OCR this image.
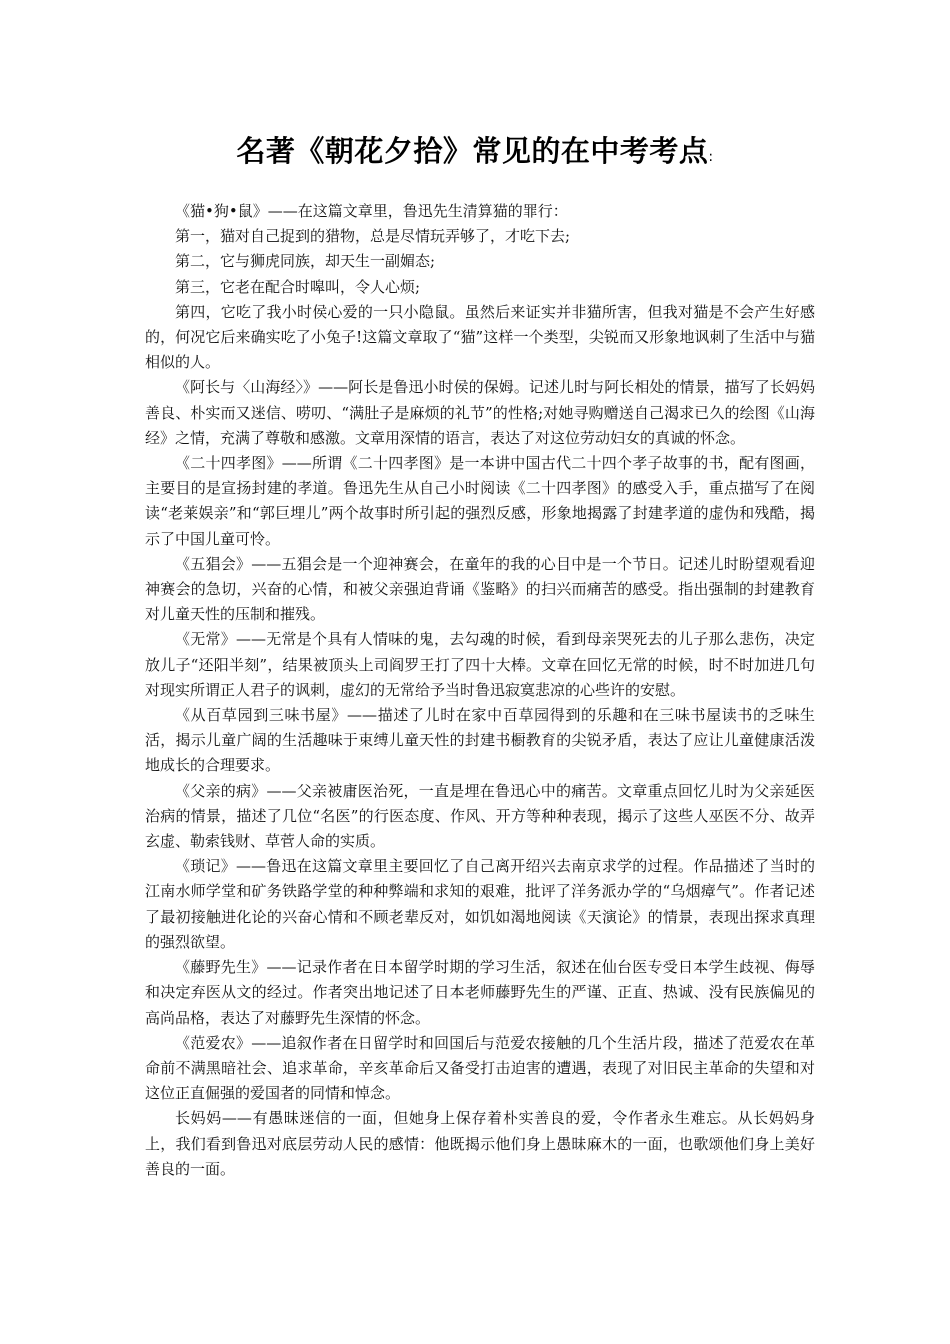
名著《朝花夕拾》常见的在中考考点:

《猫•狗•鼠》——在这篇文章里，鲁迅先生清算猫的罪行：

第一，猫对自己捉到的猎物，总是尽情玩弄够了，才吃下去;

第二，它与狮虎同族，却天生一副媚态;

第三，它老在配合时嗥叫，令人心烦;

第四，它吃了我小时侯心爱的一只小隐鼠。虽然后来证实并非猫所害，但我对猫是不会产生好感的，何况它后来确实吃了小兔子!这篇文章取了“猫”这样一个类型，尖锐而又形象地讽刺了生活中与猫相似的人。

《阿长与〈山海经〉》——阿长是鲁迅小时侯的保姆。记述儿时与阿长相处的情景，描写了长妈妈善良、朴实而又迷信、唠叨、“满肚子是麻烦的礼节”的性格;对她寻购赠送自己渴求已久的绘图《山海经》之情，充满了尊敬和感激。文章用深情的语言，表达了对这位劳动妇女的真诚的怀念。

《二十四孝图》——所谓《二十四孝图》是一本讲中国古代二十四个孝子故事的书，配有图画，主要目的是宣扬封建的孝道。鲁迅先生从自己小时阅读《二十四孝图》的感受入手，重点描写了在阅读“老莱娱亲”和“郭巨埋儿”两个故事时所引起的强烈反感，形象地揭露了封建孝道的虚伪和残酷，揭示了中国儿童可怜。

《五猖会》——五猖会是一个迎神赛会，在童年的我的心目中是一个节日。记述儿时盼望观看迎神赛会的急切，兴奋的心情，和被父亲强迫背诵《鉴略》的扫兴而痛苦的感受。指出强制的封建教育对儿童天性的压制和摧残。

《无常》——无常是个具有人情味的鬼，去勾魂的时候，看到母亲哭死去的儿子那么悲伤，决定放儿子“还阳半刻”，结果被顶头上司阎罗王打了四十大棒。文章在回忆无常的时候，时不时加进几句对现实所谓正人君子的讽刺，虚幻的无常给予当时鲁迅寂寞悲凉的心些许的安慰。

《从百草园到三味书屋》——描述了儿时在家中百草园得到的乐趣和在三味书屋读书的乏味生活，揭示儿童广阔的生活趣味于束缚儿童天性的封建书橱教育的尖锐矛盾，表达了应让儿童健康活泼地成长的合理要求。

《父亲的病》——父亲被庸医治死，一直是埋在鲁迅心中的痛苦。文章重点回忆儿时为父亲延医治病的情景，描述了几位“名医”的行医态度、作风、开方等种种表现，揭示了这些人巫医不分、故弄玄虚、勒索钱财、草菅人命的实质。

《琐记》——鲁迅在这篇文章里主要回忆了自己离开绍兴去南京求学的过程。作品描述了当时的江南水师学堂和矿务铁路学堂的种种弊端和求知的艰难，批评了洋务派办学的“乌烟瘴气”。作者记述了最初接触进化论的兴奋心情和不顾老辈反对，如饥如渴地阅读《天演论》的情景，表现出探求真理的强烈欲望。

《藤野先生》——记录作者在日本留学时期的学习生活，叙述在仙台医专受日本学生歧视、侮辱和决定弃医从文的经过。作者突出地记述了日本老师藤野先生的严谨、正直、热诚、没有民族偏见的高尚品格，表达了对藤野先生深情的怀念。

《范爱农》——追叙作者在日留学时和回国后与范爱农接触的几个生活片段，描述了范爱农在革命前不满黑暗社会、追求革命，辛亥革命后又备受打击迫害的遭遇，表现了对旧民主革命的失望和对这位正直倔强的爱国者的同情和悼念。

长妈妈——有愚昧迷信的一面，但她身上保存着朴实善良的爱，令作者永生难忘。从长妈妈身上，我们看到鲁迅对底层劳动人民的感情：他既揭示他们身上愚昧麻木的一面，也歌颂他们身上美好善良的一面。
